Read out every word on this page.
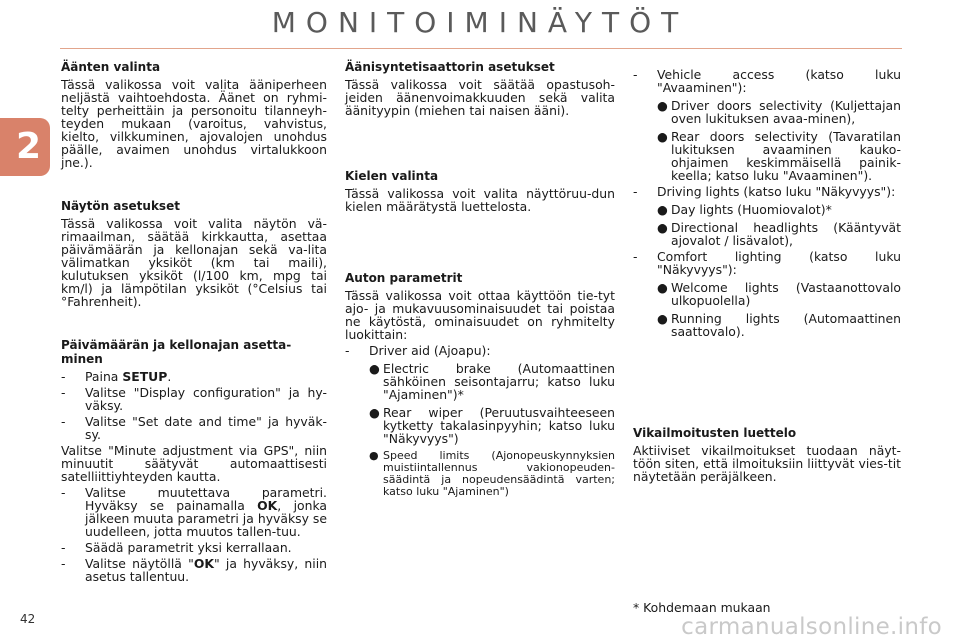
MONITOIMINÄYTÖT
2
Äänten valinta

Tässä valikossa voit valita ääniperheen neljästä vaihtoehdosta. Äänet on ryhmi-telty perheittäin ja personoitu tilanneyh-teyden mukaan (varoitus, vahvistus, kielto, vilkkuminen, ajovalojen unohdus päälle, avaimen unohdus virtalukkoon jne.).

Näytön asetukset

Tässä valikossa voit valita näytön vä-rimaailman, säätää kirkkautta, asettaa päivämäärän ja kellonajan sekä va-lita välimatkan yksiköt (km tai maili), kulutuksen yksiköt (l/100 km, mpg tai km/l) ja lämpötilan yksiköt (°Celsius tai °Fahrenheit).

Päivämäärän ja kellonajan asetta-minen
- Paina SETUP.
- Valitse "Display configuration" ja hy-väksy.
- Valitse "Set date and time" ja hyväk-sy.

Valitse "Minute adjustment via GPS", niin minuutit säätyvät automaattisesti satelliittiyhteyden kautta.

- Valitse muutettava parametri. Hyväksy se painamalla OK, jonka jälkeen muuta parametri ja hyväksy se uudelleen, jotta muutos tallen-tuu.
- Säädä parametrit yksi kerrallaan.
- Valitse näytöllä "OK" ja hyväksy, niin asetus tallentuu.
Äänisyntetisaattorin asetukset

Tässä valikossa voit säätää opastusoh-jeiden äänenvoimakkuuden sekä valita äänityypin (miehen tai naisen ääni).

Kielen valinta

Tässä valikossa voit valita näyttöruu-dun kielen määrätystä luettelosta.

Auton parametrit

Tässä valikossa voit ottaa käyttöön tie-tyt ajo- ja mukavuusominaisuudet tai poistaa ne käytöstä, ominaisuudet on ryhmitelty luokittain:

- Driver aid (Ajoapu):
● Electric brake (Automaattinen sähköinen seisontajarru; katso luku "Ajaminen")*
● Rear wiper (Peruutusvaihteeseen kytketty takalasinpyyhin; katso luku "Näkyvyys")
● Speed limits (Ajonopeuskynnyksien muistiintallennus vakionopeuden-säädintä ja nopeudensäädintä varten; katso luku "Ajaminen")
- Vehicle access (katso luku "Avaaminen"):
● Driver doors selectivity (Kuljettajan oven lukituksen avaa-minen),
● Rear doors selectivity (Tavaratilan lukituksen avaaminen kauko-ohjaimen keskimmäisellä painik-keella; katso luku "Avaaminen").
- Driving lights (katso luku "Näkyvyys"):
● Day lights (Huomiovalot)*
● Directional headlights (Kääntyvät ajovalot / lisävalot),
- Comfort lighting (katso luku "Näkyvyys"):
● Welcome lights (Vastaanottovalo ulkopuolella)
● Running lights (Automaattinen saattovalo).
Vikailmoitusten luettelo

Aktiiviset vikailmoitukset tuodaan näyt-töön siten, että ilmoituksiin liittyvät vies-tit näytetään peräjälkeen.

* Kohdemaan mukaan
42	carmanualsonline.info
